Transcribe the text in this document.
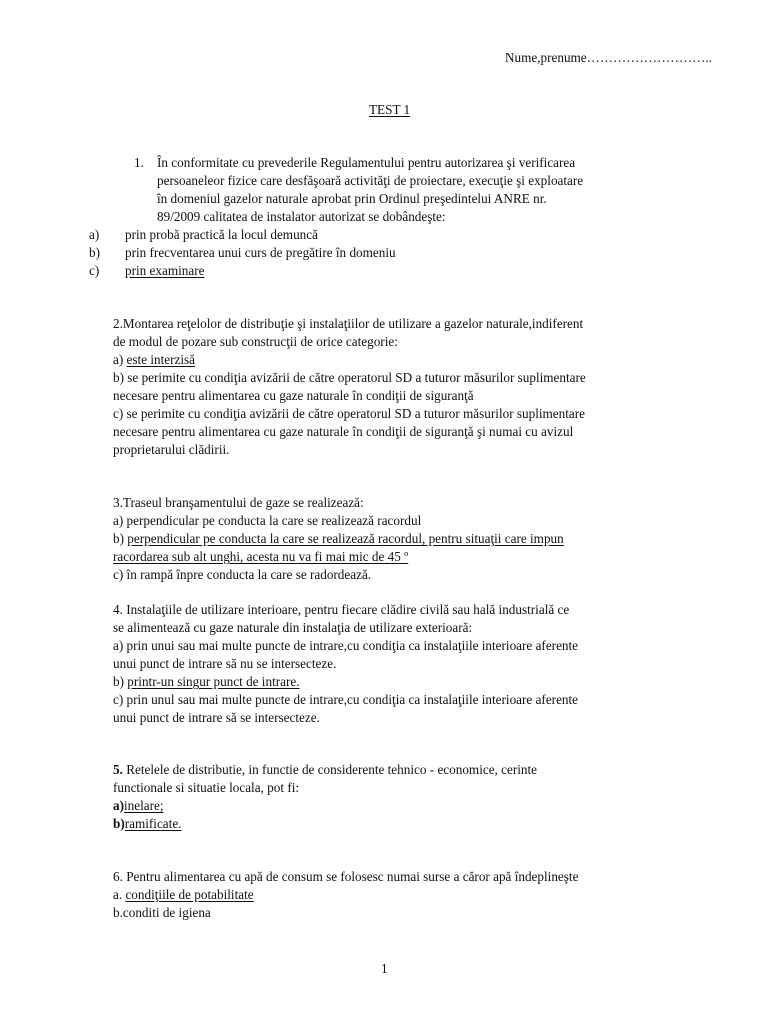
Nume,prenume………………………..
TEST 1
1. În conformitate cu prevederile Regulamentului pentru autorizarea şi verificarea
persoaneleor fizice care desfăşoară activităţi de proiectare, execuţie şi exploatare
în domeniul gazelor naturale aprobat prin Ordinul preşedintelui ANRE nr.
89/2009 calitatea de instalator autorizat se dobândeşte:
a) prin probă practică la locul demuncă
b) prin frecventarea unui curs de pregătire în domeniu
c) prin examinare
2.Montarea reţelolor de distribuţie şi instalaţiilor de utilizare a gazelor naturale,indiferent
de modul de pozare sub construcţii de orice categorie:
a) este interzisă
b) se perimite cu condiţia avizării de către operatorul SD a tuturor măsurilor suplimentare
necesare pentru alimentarea cu gaze naturale în condiţii de siguranţă
c) se perimite cu condiţia avizării de către operatorul SD a tuturor măsurilor suplimentare
necesare pentru alimentarea cu gaze naturale în condiţii de siguranţă şi numai cu avizul
proprietarului clădirii.
3.Traseul branşamentului de gaze se realizează:
a) perpendicular pe conducta la care se realizează racordul
b) perpendicular pe conducta la care se realizează racordul, pentru situaţii care impun
racordarea sub alt unghi, acesta nu va fi mai mic de 45 º
c) în rampă înpre conducta la care se radordează.
4. Instalaţiile de utilizare interioare, pentru fiecare clădire civilă sau hală industrială ce
se alimentează cu gaze naturale din instalaţia de utilizare exterioară:
a) prin unui sau mai multe puncte de intrare,cu condiţia ca instalaţiile interioare aferente
unui punct de intrare să nu se intersecteze.
b) printr-un singur punct de intrare.
c) prin unul sau mai multe puncte de intrare,cu condiţia ca instalaţiile interioare aferente
unui punct de intrare să se intersecteze.
5. Retelele de distributie, in functie de considerente tehnico - economice, cerinte
functionale si situatie locala, pot fi:
a)inelare;
b)ramificate.
6. Pentru alimentarea cu apă de consum se folosesc numai surse a căror apă îndeplineşte
a. condiţiile de potabilitate
b.conditi de igiena
1
